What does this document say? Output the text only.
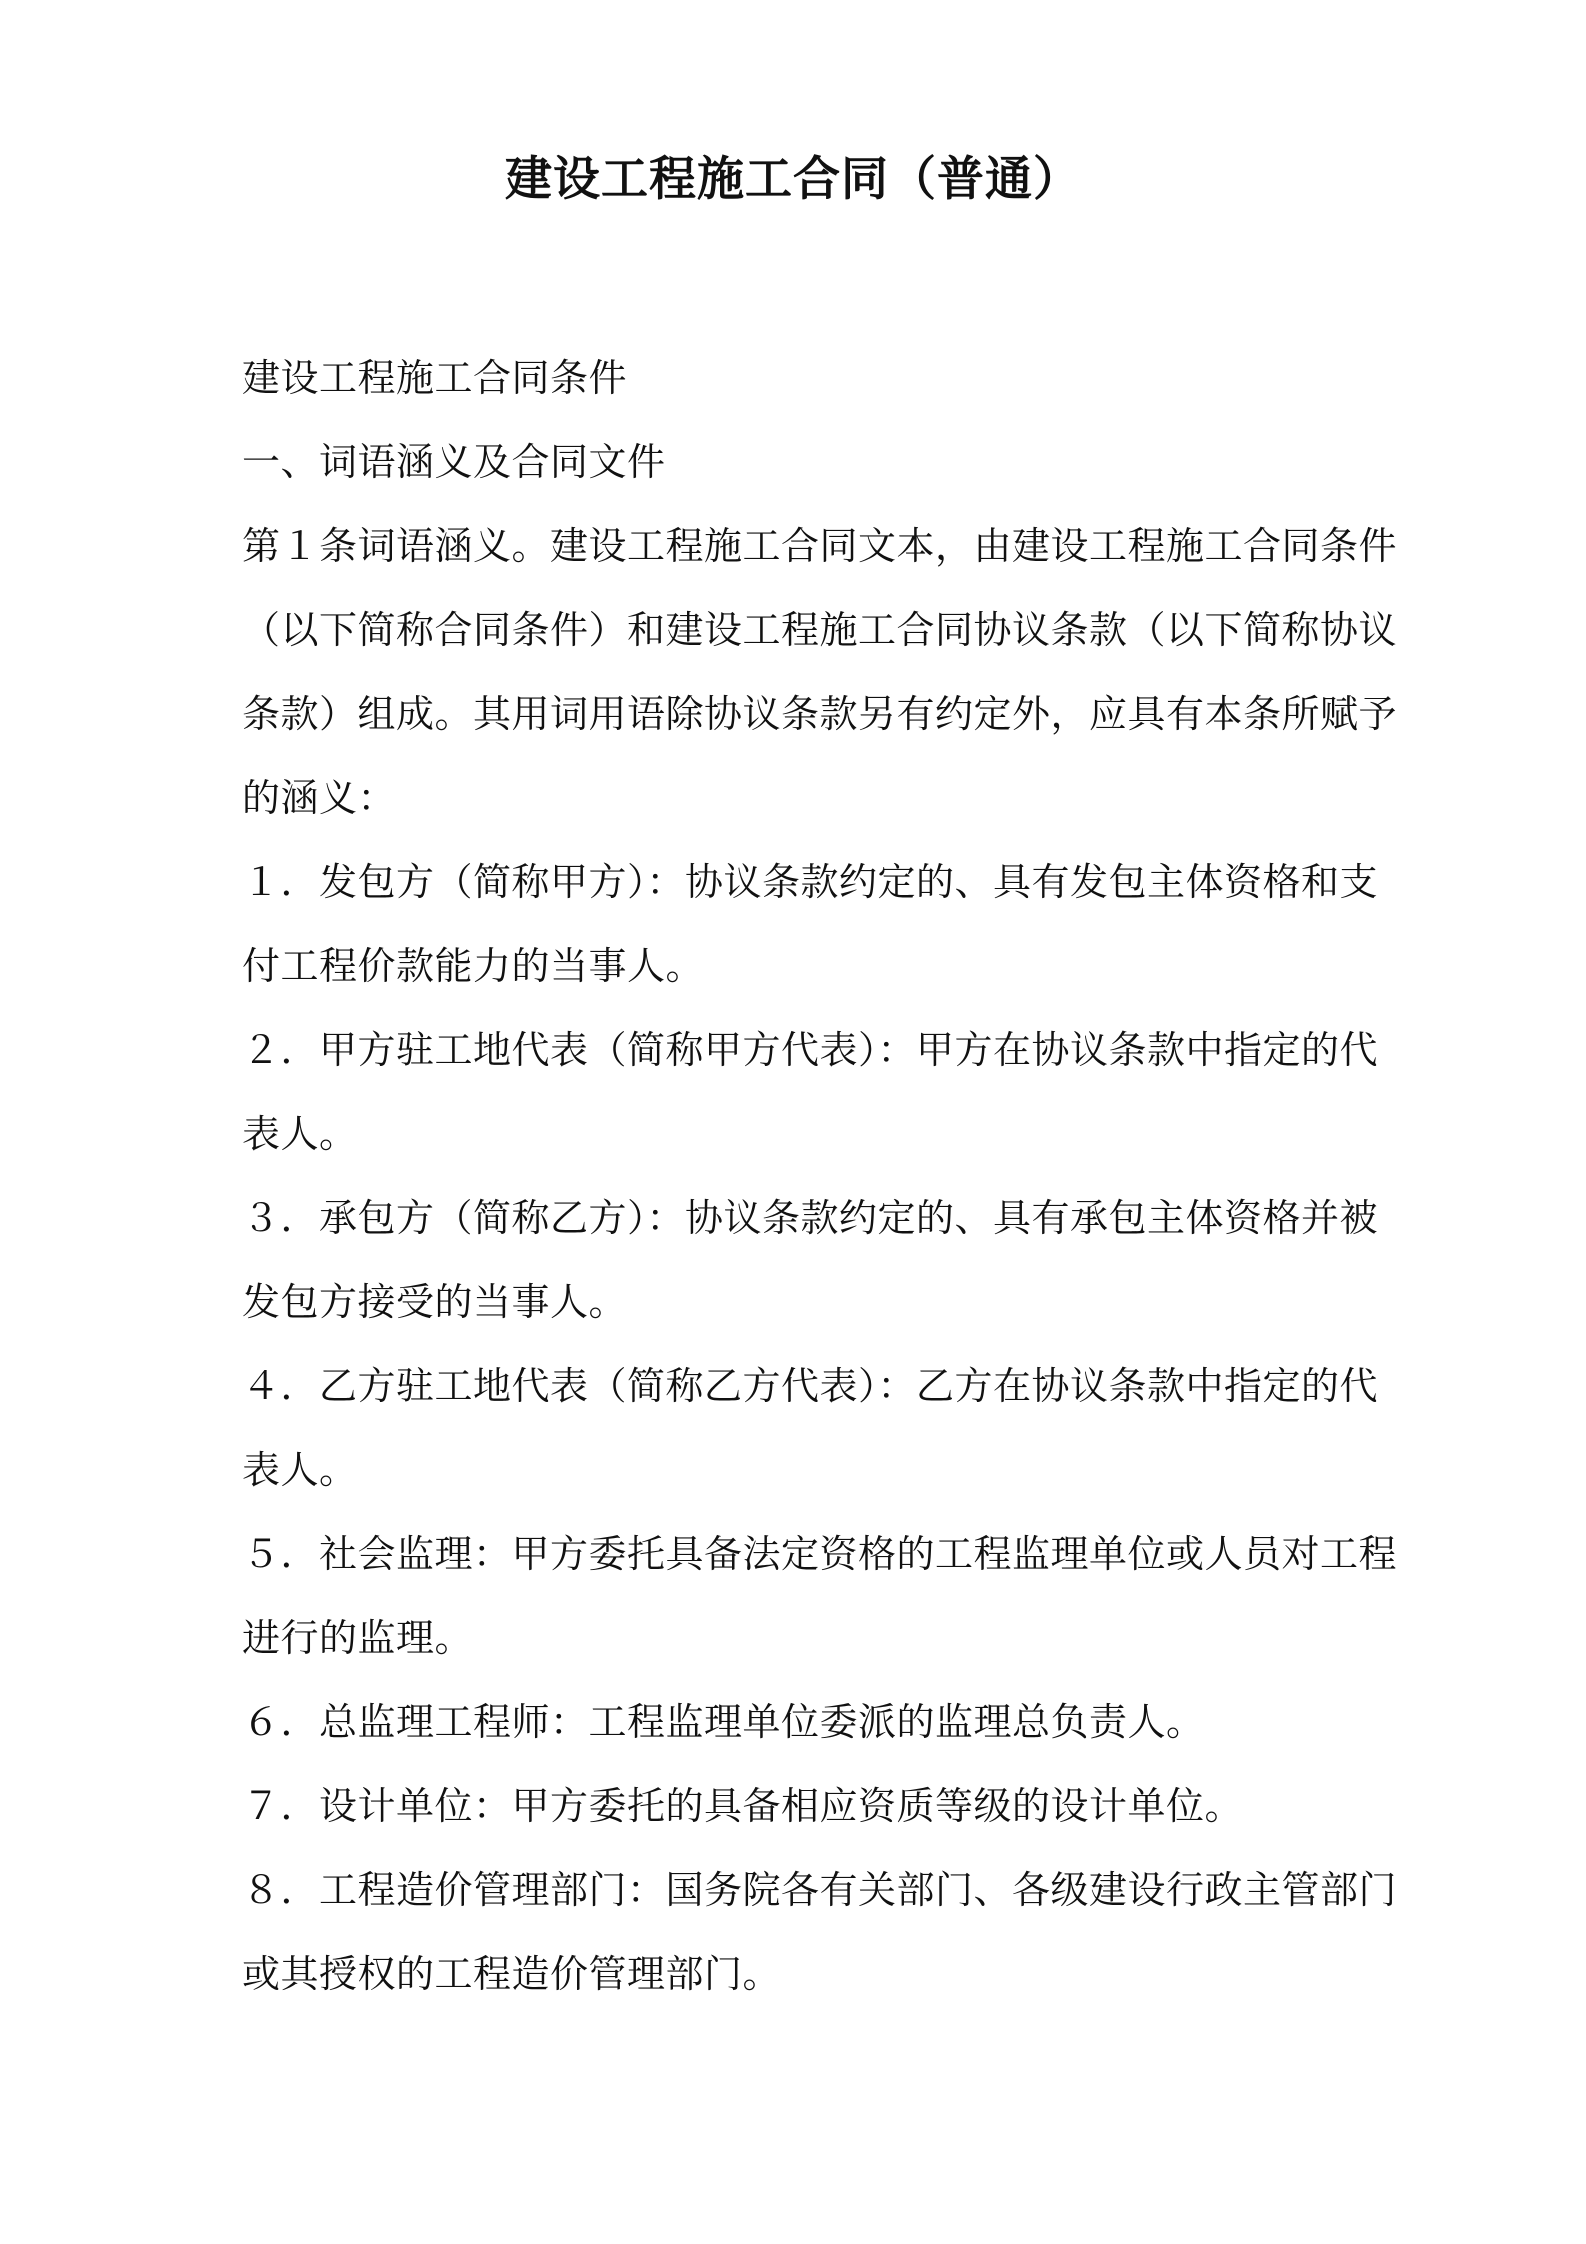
建设工程施工合同（普通）
建设工程施工合同条件
一、词语涵义及合同文件
第１条词语涵义。建设工程施工合同文本，由建设工程施工合同条件
（以下简称合同条件）和建设工程施工合同协议条款（以下简称协议
条款）组成。其用词用语除协议条款另有约定外，应具有本条所赋予
的涵义：
１．发包方（简称甲方）：协议条款约定的、具有发包主体资格和支
付工程价款能力的当事人。
２．甲方驻工地代表（简称甲方代表）：甲方在协议条款中指定的代
表人。
３．承包方（简称乙方）：协议条款约定的、具有承包主体资格并被
发包方接受的当事人。
４．乙方驻工地代表（简称乙方代表）：乙方在协议条款中指定的代
表人。
５．社会监理：甲方委托具备法定资格的工程监理单位或人员对工程
进行的监理。
６．总监理工程师：工程监理单位委派的监理总负责人。
７．设计单位：甲方委托的具备相应资质等级的设计单位。
８．工程造价管理部门：国务院各有关部门、各级建设行政主管部门
或其授权的工程造价管理部门。
